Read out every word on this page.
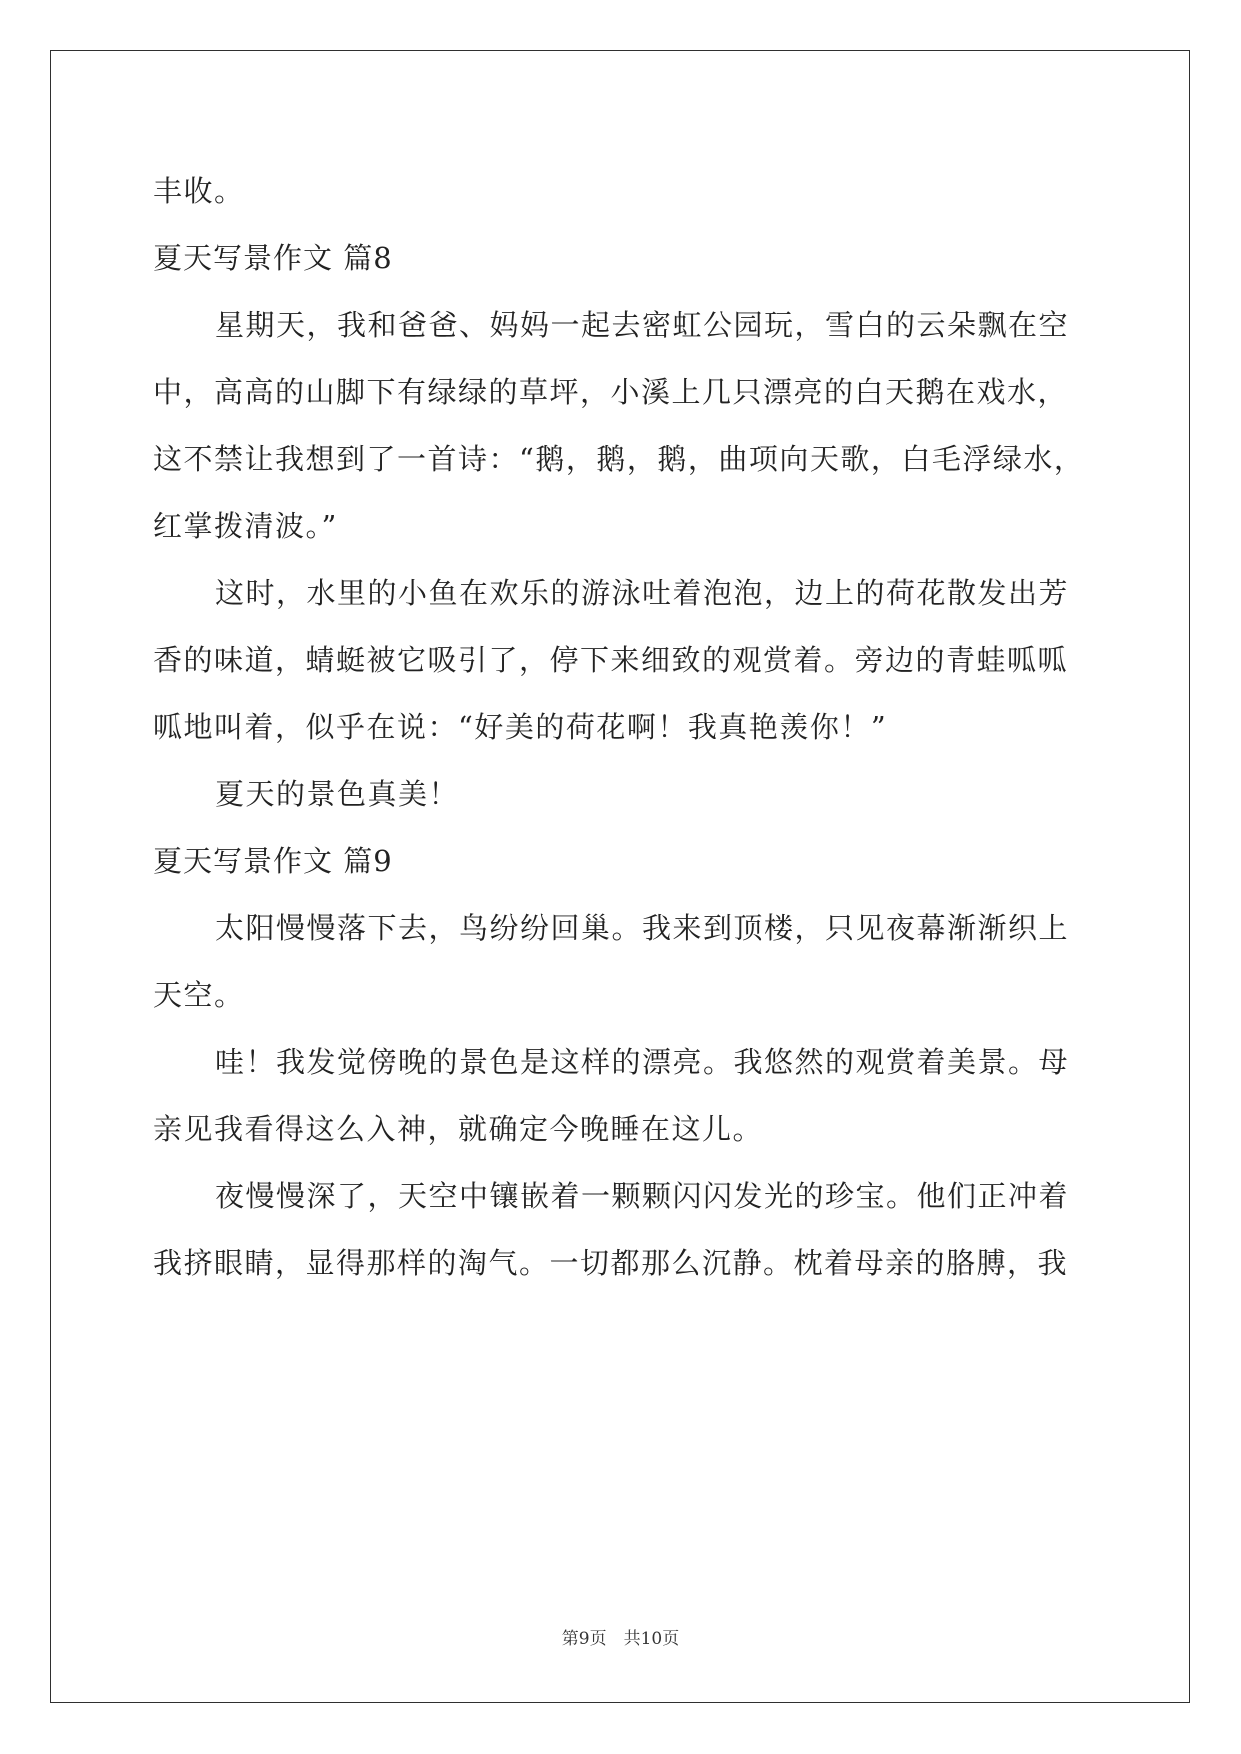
丰收。

夏天写景作文 篇8

星期天，我和爸爸、妈妈一起去密虹公园玩，雪白的云朵飘在空

中，高高的山脚下有绿绿的草坪，小溪上几只漂亮的白天鹅在戏水，

这不禁让我想到了一首诗：“鹅，鹅，鹅，曲项向天歌，白毛浮绿水，

红掌拨清波。”

这时，水里的小鱼在欢乐的游泳吐着泡泡，边上的荷花散发出芳

香的味道，蜻蜓被它吸引了，停下来细致的观赏着。旁边的青蛙呱呱

呱地叫着，似乎在说：“好美的荷花啊！我真艳羡你！”

夏天的景色真美！

夏天写景作文 篇9

太阳慢慢落下去，鸟纷纷回巢。我来到顶楼，只见夜幕渐渐织上

天空。

哇！我发觉傍晚的景色是这样的漂亮。我悠然的观赏着美景。母

亲见我看得这么入神，就确定今晚睡在这儿。

夜慢慢深了，天空中镶嵌着一颗颗闪闪发光的珍宝。他们正冲着

我挤眼睛，显得那样的淘气。一切都那么沉静。枕着母亲的胳膊，我

第9页　共10页
